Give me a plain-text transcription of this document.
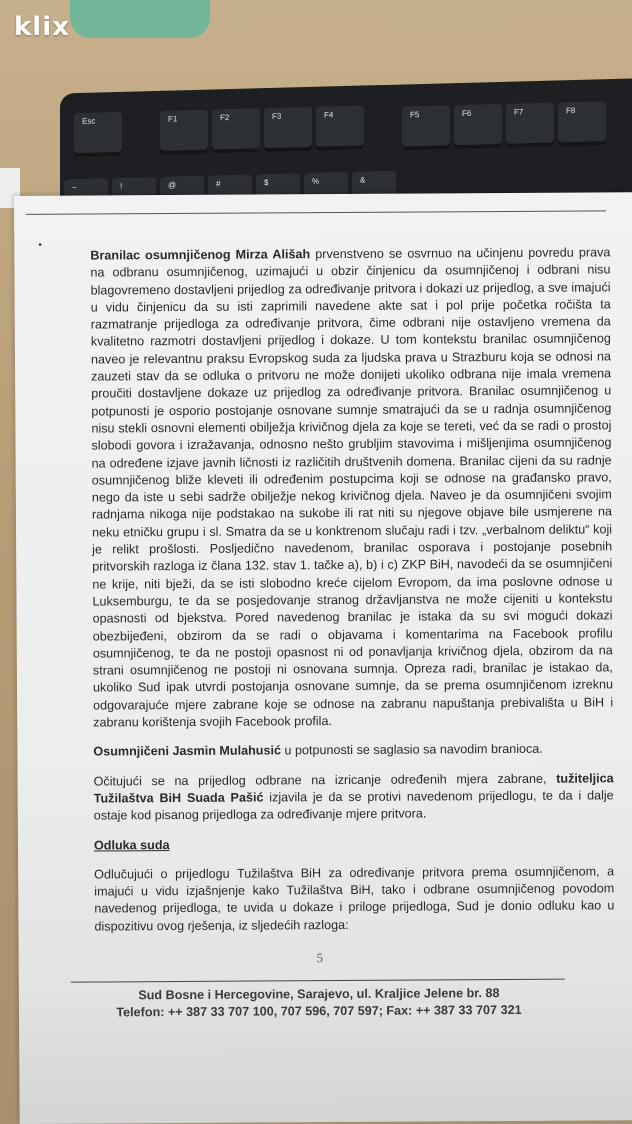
klix
Esc	F1	F2	F3	F4	F5	F6	F7	F8
~	!	@	#	$	%	&
•

Branilac osumnjičenog Mirza Ališah prvenstveno se osvrnuo na učinjenu povredu prava na odbranu osumnjičenog, uzimajući u obzir činjenicu da osumnjičenoj i odbrani nisu blagovremeno dostavljeni prijedlog za određivanje pritvora i dokazi uz prijedlog, a sve imajući u vidu činjenicu da su isti zaprimili navedene akte sat i pol prije početka ročišta ta razmatranje prijedloga za određivanje pritvora, čime odbrani nije ostavljeno vremena da kvalitetno razmotri dostavljeni prijedlog i dokaze. U tom kontekstu branilac osumnjičenog naveo je relevantnu praksu Evropskog suda za ljudska prava u Strazburu koja se odnosi na zauzeti stav da se odluka o pritvoru ne može donijeti ukoliko odbrana nije imala vremena proučiti dostavljene dokaze uz prijedlog za određivanje pritvora. Branilac osumnjičenog u potpunosti je osporio postojanje osnovane sumnje smatrajući da se u radnja osumnjičenog nisu stekli osnovni elementi obilježja krivičnog djela za koje se tereti, već da se radi o prostoj slobodi govora i izražavanja, odnosno nešto grubljim stavovima i mišljenjima osumnjičenog na određene izjave javnih ličnosti iz različitih društvenih domena. Branilac cijeni da su radnje osumnjičenog bliže kleveti ili određenim postupcima koji se odnose na građansko pravo, nego da iste u sebi sadrže obilježje nekog krivičnog djela. Naveo je da osumnjičeni svojim radnjama nikoga nije podstakao na sukobe ili rat niti su njegove objave bile usmjerene na neku etničku grupu i sl. Smatra da se u konktrenom slučaju radi i tzv. „verbalnom deliktu“ koji je relikt prošlosti. Posljedično navedenom, branilac osporava i postojanje posebnih pritvorskih razloga iz člana 132. stav 1. tačke a), b) i c) ZKP BiH, navodeći da se osumnjičeni ne krije, niti bježi, da se isti slobodno kreće cijelom Evropom, da ima poslovne odnose u Luksemburgu, te da se posjedovanje stranog državljanstva ne može cijeniti u kontekstu opasnosti od bjekstva. Pored navedenog branilac je istaka da su svi mogući dokazi obezbijeđeni, obzirom da se radi o objavama i komentarima na Facebook profilu osumnjičenog, te da ne postoji opasnost ni od ponavljanja krivičnog djela, obzirom da na strani osumnjičenog ne postoji ni osnovana sumnja. Opreza radi, branilac je istakao da, ukoliko Sud ipak utvrdi postojanja osnovane sumnje, da se prema osumnjičenom izreknu odgovarajuće mjere zabrane koje se odnose na zabranu napuštanja prebivališta u BiH i zabranu korištenja svojih Facebook profila.

Osumnjičeni Jasmin Mulahusić u potpunosti se saglasio sa navodim branioca.

Očitujući se na prijedlog odbrane na izricanje određenih mjera zabrane, tužiteljica Tužilaštva BiH Suada Pašić izjavila je da se protivi navedenom prijedlogu, te da i dalje ostaje kod pisanog prijedloga za određivanje mjere pritvora.

Odluka suda

Odlučujući o prijedlogu Tužilaštva BiH za određivanje pritvora prema osumnjičenom, a imajući u vidu izjašnjenje kako Tužilaštva BiH, tako i odbrane osumnjičenog povodom navedenog prijedloga, te uvida u dokaze i priloge prijedloga, Sud je donio odluku kao u dispozitivu ovog rješenja, iz sljedećih razloga:

5
Sud Bosne i Hercegovine, Sarajevo, ul. Kraljice Jelene br. 88
Telefon: ++ 387 33 707 100, 707 596, 707 597; Fax: ++ 387 33 707 321
